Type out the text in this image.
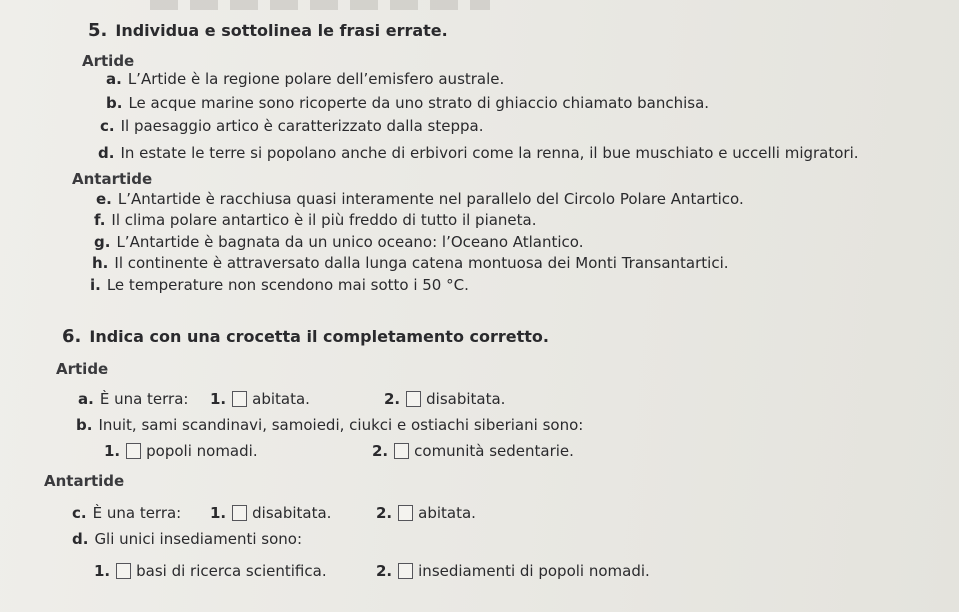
5. Individua e sottolinea le frasi errate.
Artide
a. L’Artide è la regione polare dell’emisfero australe.
b. Le acque marine sono ricoperte da uno strato di ghiaccio chiamato banchisa.
c. Il paesaggio artico è caratterizzato dalla steppa.
d. In estate le terre si popolano anche di erbivori come la renna, il bue muschiato e uccelli migratori.
Antartide
e. L’Antartide è racchiusa quasi interamente nel parallelo del Circolo Polare Antartico.
f. Il clima polare antartico è il più freddo di tutto il pianeta.
g. L’Antartide è bagnata da un unico oceano: l’Oceano Atlantico.
h. Il continente è attraversato dalla lunga catena montuosa dei Monti Transantartici.
i. Le temperature non scendono mai sotto i 50 °C.
6. Indica con una crocetta il completamento corretto.
Artide
a. È una terra: 1. abitata.	2. disabitata.
b. Inuit, sami scandinavi, samoiedi, ciukci e ostiachi siberiani sono:
1. popoli nomadi.	2. comunità sedentarie.
Antartide
c. È una terra: 1. disabitata.	2. abitata.
d. Gli unici insediamenti sono:
1. basi di ricerca scientifica.	2. insediamenti di popoli nomadi.
